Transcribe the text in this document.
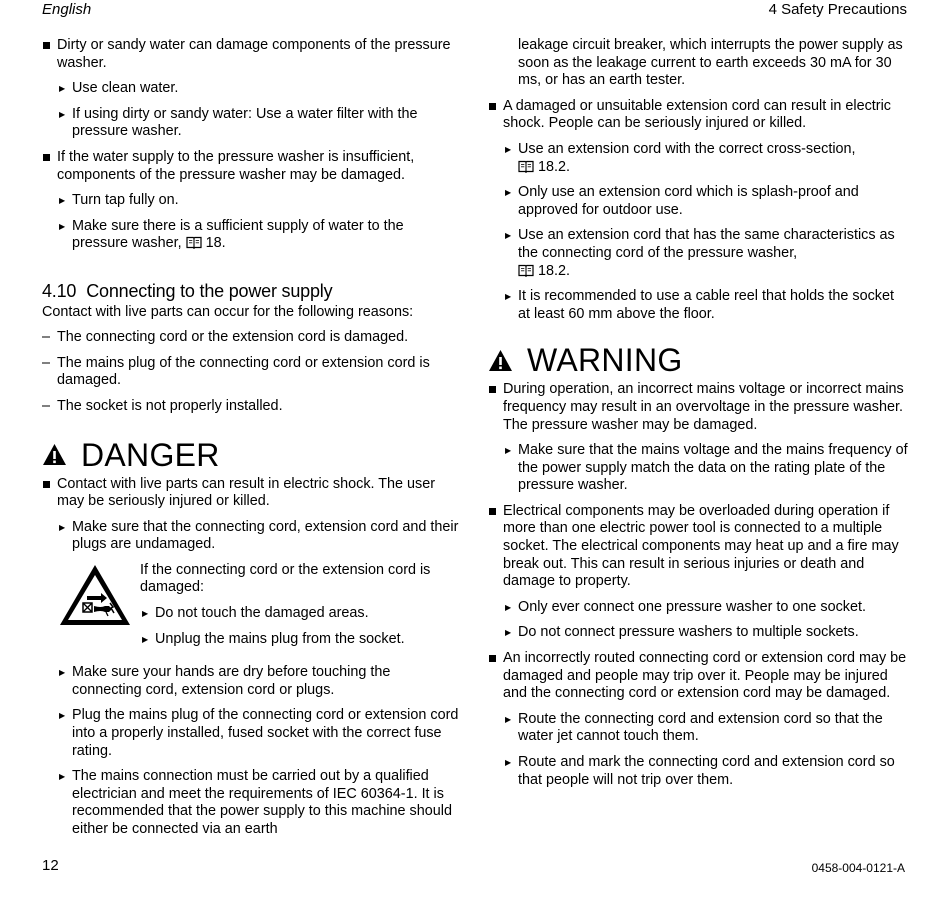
English	4 Safety Precautions
Dirty or sandy water can damage components of the pressure washer.
▶ Use clean water.
▶ If using dirty or sandy water: Use a water filter with the pressure washer.
If the water supply to the pressure washer is insufficient, components of the pressure washer may be damaged.
▶ Turn tap fully on.
▶ Make sure there is a sufficient supply of water to the pressure washer, 18.
4.10 Connecting to the power supply
Contact with live parts can occur for the following reasons:
– The connecting cord or the extension cord is damaged.
– The mains plug of the connecting cord or extension cord is damaged.
– The socket is not properly installed.
DANGER
Contact with live parts can result in electric shock. The user may be seriously injured or killed.
▶ Make sure that the connecting cord, extension cord and their plugs are undamaged.
If the connecting cord or the extension cord is damaged:
▶ Do not touch the damaged areas.
▶ Unplug the mains plug from the socket.
▶ Make sure your hands are dry before touching the connecting cord, extension cord or plugs.
▶ Plug the mains plug of the connecting cord or extension cord into a properly installed, fused socket with the correct fuse rating.
▶ The mains connection must be carried out by a qualified electrician and meet the requirements of IEC 60364-1. It is recommended that the power supply to this machine should either be connected via an earth
leakage circuit breaker, which interrupts the power supply as soon as the leakage current to earth exceeds 30 mA for 30 ms, or has an earth tester.
A damaged or unsuitable extension cord can result in electric shock. People can be seriously injured or killed.
▶ Use an extension cord with the correct cross-section,
18.2.
▶ Only use an extension cord which is splash-proof and approved for outdoor use.
▶ Use an extension cord that has the same characteristics as the connecting cord of the pressure washer,
18.2.
▶ It is recommended to use a cable reel that holds the socket at least 60 mm above the floor.
WARNING
During operation, an incorrect mains voltage or incorrect mains frequency may result in an overvoltage in the pressure washer. The pressure washer may be damaged.
▶ Make sure that the mains voltage and the mains frequency of the power supply match the data on the rating plate of the pressure washer.
Electrical components may be overloaded during operation if more than one electric power tool is connected to a multiple socket. The electrical components may heat up and a fire may break out. This can result in serious injuries or death and damage to property.
▶ Only ever connect one pressure washer to one socket.
▶ Do not connect pressure washers to multiple sockets.
An incorrectly routed connecting cord or extension cord may be damaged and people may trip over it. People may be injured and the connecting cord or extension cord may be damaged.
▶ Route the connecting cord and extension cord so that the water jet cannot touch them.
▶ Route and mark the connecting cord and extension cord so that people will not trip over them.
12	0458-004-0121-A
